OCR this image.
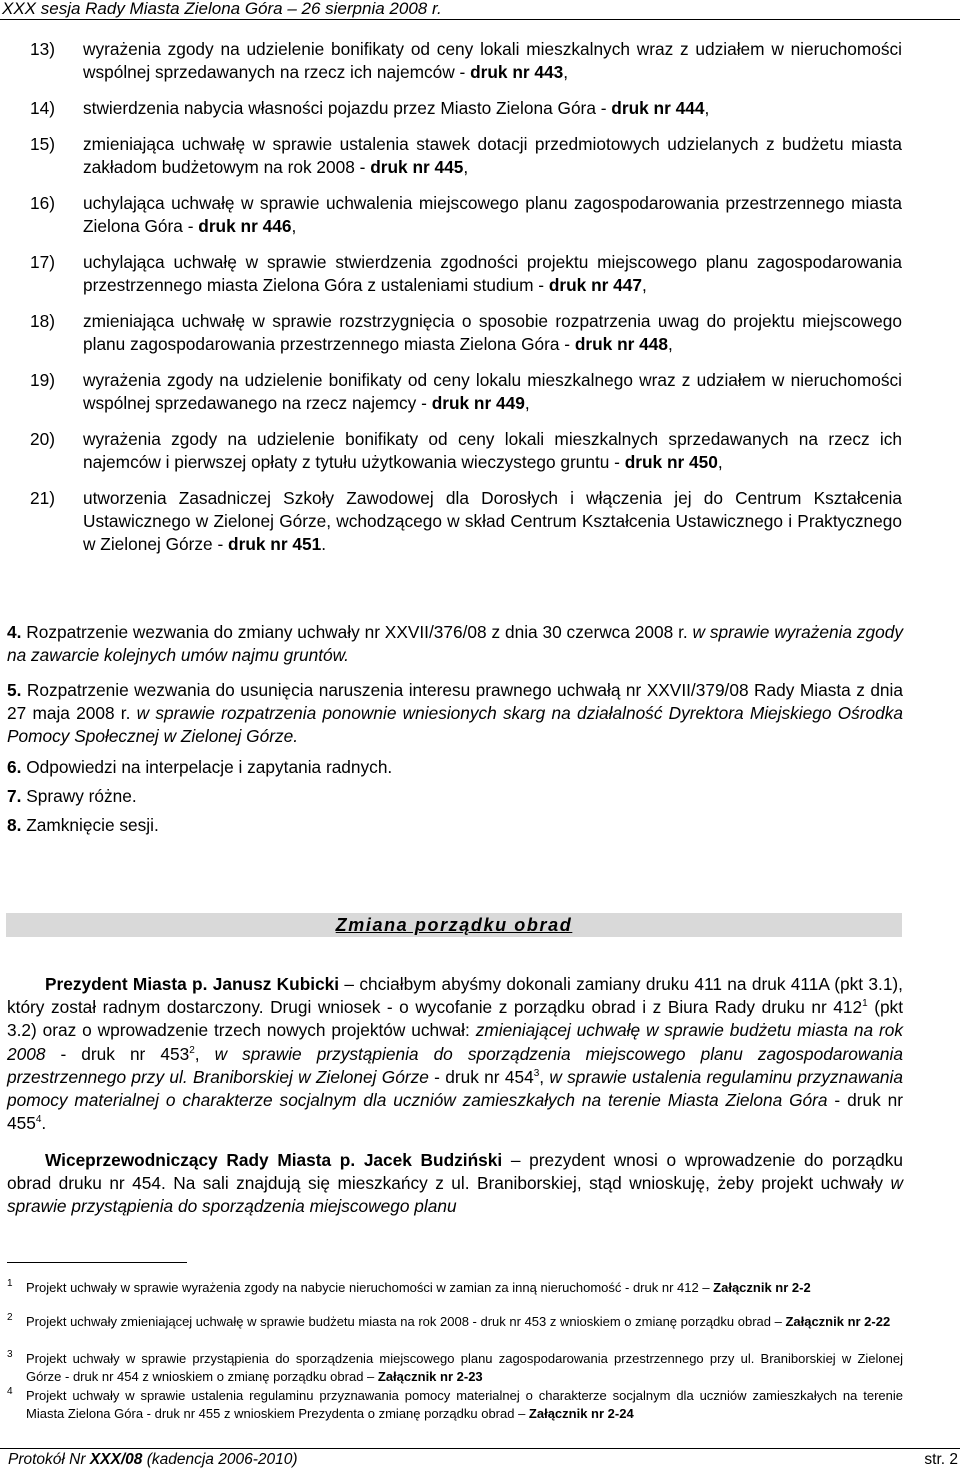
XXX sesja Rady Miasta Zielona Góra – 26 sierpnia 2008 r.
13)	wyrażenia zgody na udzielenie bonifikaty od ceny lokali mieszkalnych wraz z udziałem w nieruchomości wspólnej sprzedawanych na rzecz ich najemców - druk nr 443,
14)	stwierdzenia nabycia własności pojazdu przez Miasto Zielona Góra - druk nr 444,
15)	zmieniająca uchwałę w sprawie ustalenia stawek dotacji przedmiotowych udzielanych z budżetu miasta zakładom budżetowym na rok 2008 - druk nr 445,
16)	uchylająca uchwałę w sprawie uchwalenia miejscowego planu zagospodarowania przestrzennego miasta Zielona Góra - druk nr 446,
17)	uchylająca uchwałę w sprawie stwierdzenia zgodności projektu miejscowego planu zagospodarowania przestrzennego miasta Zielona Góra z ustaleniami studium - druk nr 447,
18)	zmieniająca uchwałę w sprawie rozstrzygnięcia o sposobie rozpatrzenia uwag do projektu miejscowego planu zagospodarowania przestrzennego miasta Zielona Góra - druk nr 448,
19)	wyrażenia zgody na udzielenie bonifikaty od ceny lokalu mieszkalnego wraz z udziałem w nieruchomości wspólnej sprzedawanego na rzecz najemcy - druk nr 449,
20)	wyrażenia zgody na udzielenie bonifikaty od ceny lokali mieszkalnych sprzedawanych na rzecz ich najemców i pierwszej opłaty z tytułu użytkowania wieczystego gruntu - druk nr 450,
21)	utworzenia Zasadniczej Szkoły Zawodowej dla Dorosłych i włączenia jej do Centrum Kształcenia Ustawicznego w Zielonej Górze, wchodzącego w skład Centrum Kształcenia Ustawicznego i Praktycznego w Zielonej Górze - druk nr 451.
4. Rozpatrzenie wezwania do zmiany uchwały nr XXVII/376/08 z dnia 30 czerwca 2008 r. w sprawie wyrażenia zgody na zawarcie kolejnych umów najmu gruntów.
5. Rozpatrzenie wezwania do usunięcia naruszenia interesu prawnego uchwałą nr XXVII/379/08 Rady Miasta z dnia 27 maja 2008 r. w sprawie rozpatrzenia ponownie wniesionych skarg na działalność Dyrektora Miejskiego Ośrodka Pomocy Społecznej w Zielonej Górze.
6. Odpowiedzi na interpelacje i zapytania radnych.
7. Sprawy różne.
8. Zamknięcie sesji.
Zmiana porządku obrad

Prezydent Miasta p. Janusz Kubicki – chciałbym abyśmy dokonali zamiany druku 411 na druk 411A (pkt 3.1), który został radnym dostarczony. Drugi wniosek - o wycofanie z porządku obrad i z Biura Rady druku nr $412^1$ (pkt 3.2) oraz o wprowadzenie trzech nowych projektów uchwał: zmieniającej uchwałę w sprawie budżetu miasta na rok 2008 - druk nr $453^2$, w sprawie przystąpienia do sporządzenia miejscowego planu zagospodarowania przestrzennego przy ul. Braniborskiej w Zielonej Górze - druk nr $454^3$, w sprawie ustalenia regulaminu przyznawania pomocy materialnej o charakterze socjalnym dla uczniów zamieszkałych na terenie Miasta Zielona Góra - druk nr $455^4$.

Wiceprzewodniczący Rady Miasta p. Jacek Budziński – prezydent wnosi o wprowadzenie do porządku obrad druku nr 454. Na sali znajdują się mieszkańcy z ul. Braniborskiej, stąd wnioskuję, żeby projekt uchwały w sprawie przystąpienia do sporządzenia miejscowego planu

1 Projekt uchwały w sprawie wyrażenia zgody na nabycie nieruchomości w zamian za inną nieruchomość - druk nr 412 – Załącznik nr 2-2
2 Projekt uchwały zmieniającej uchwałę w sprawie budżetu miasta na rok 2008 - druk nr 453 z wnioskiem o zmianę porządku obrad – Załącznik nr 2-22
3 Projekt uchwały w sprawie przystąpienia do sporządzenia miejscowego planu zagospodarowania przestrzennego przy ul. Braniborskiej w Zielonej Górze - druk nr 454 z wnioskiem o zmianę porządku obrad – Załącznik nr 2-23
4 Projekt uchwały w sprawie ustalenia regulaminu przyznawania pomocy materialnej o charakterze socjalnym dla uczniów zamieszkałych na terenie Miasta Zielona Góra - druk nr 455 z wnioskiem Prezydenta o zmianę porządku obrad – Załącznik nr 2-24
Protokół Nr XXX/08 (kadencja 2006-2010)	str. 2
